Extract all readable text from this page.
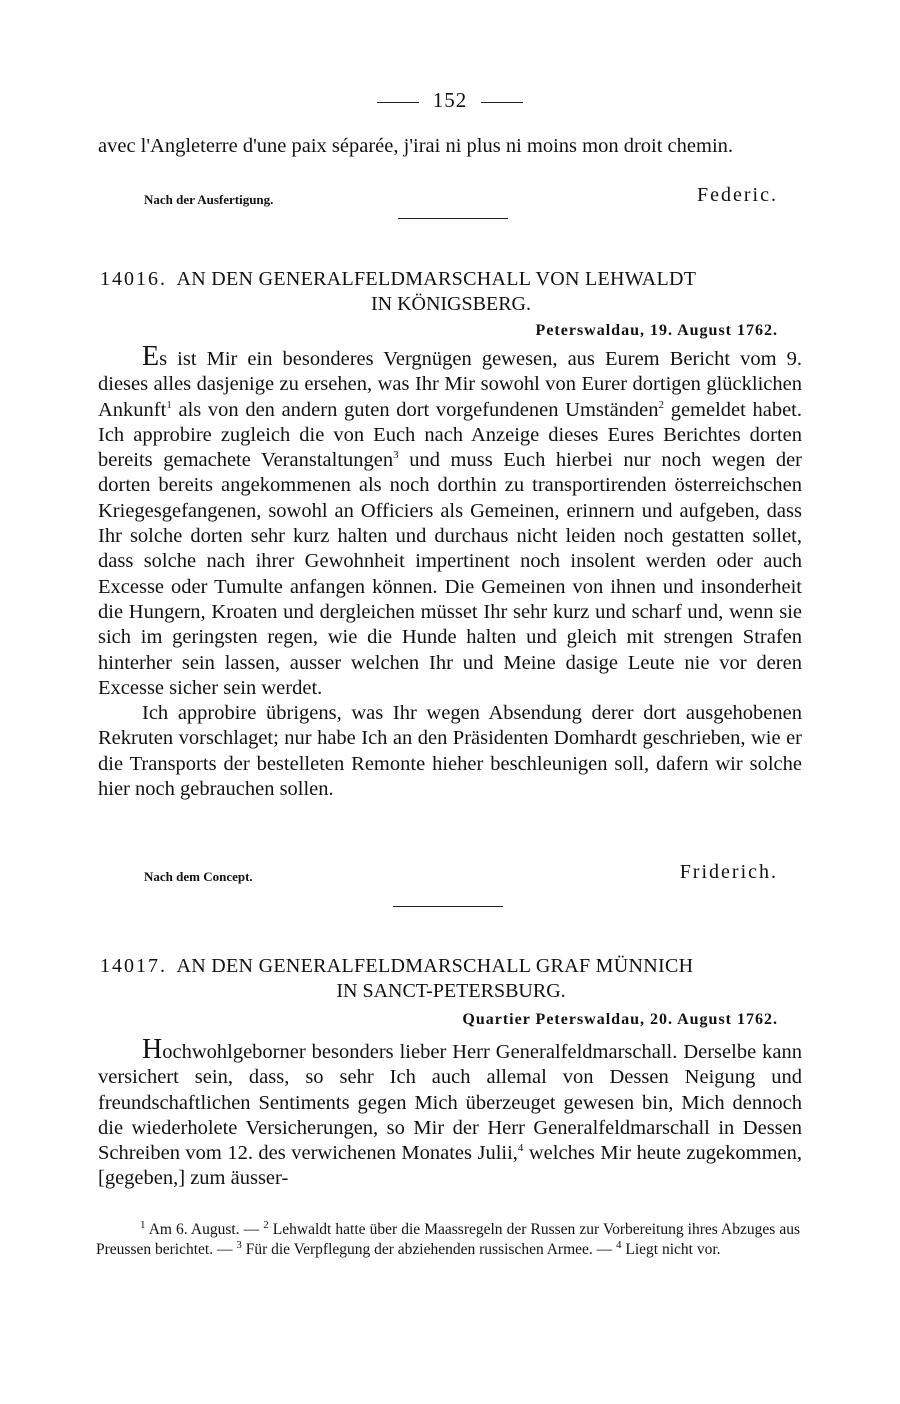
152

avec l'Angleterre d'une paix séparée, j'irai ni plus ni moins mon droit chemin.

Nach der Ausfertigung.	Federic.
14016. AN DEN GENERALFELDMARSCHALL VON LEHWALDT
IN KÖNIGSBERG.
Peterswaldau, 19. August 1762.

Es ist Mir ein besonderes Vergnügen gewesen, aus Eurem Bericht vom 9. dieses alles dasjenige zu ersehen, was Ihr Mir sowohl von Eurer dortigen glücklichen Ankunft$^1$ als von den andern guten dort vorgefundenen Umständen$^2$ gemeldet habet. Ich approbire zugleich die von Euch nach Anzeige dieses Eures Berichtes dorten bereits gemachete Veranstaltungen$^3$ und muss Euch hierbei nur noch wegen der dorten bereits angekommenen als noch dorthin zu transportirenden österreichschen Kriegesgefangenen, sowohl an Officiers als Gemeinen, erinnern und aufgeben, dass Ihr solche dorten sehr kurz halten und durchaus nicht leiden noch gestatten sollet, dass solche nach ihrer Gewohnheit impertinent noch insolent werden oder auch Excesse oder Tumulte anfangen können. Die Gemeinen von ihnen und insonderheit die Hungern, Kroaten und dergleichen müsset Ihr sehr kurz und scharf und, wenn sie sich im geringsten regen, wie die Hunde halten und gleich mit strengen Strafen hinterher sein lassen, ausser welchen Ihr und Meine dasige Leute nie vor deren Excesse sicher sein werdet.

Ich approbire übrigens, was Ihr wegen Absendung derer dort ausgehobenen Rekruten vorschlaget; nur habe Ich an den Präsidenten Domhardt geschrieben, wie er die Transports der bestelleten Remonte hieher beschleunigen soll, dafern wir solche hier noch gebrauchen sollen.

Nach dem Concept.	Friderich.
14017. AN DEN GENERALFELDMARSCHALL GRAF MÜNNICH
IN SANCT-PETERSBURG.
Quartier Peterswaldau, 20. August 1762.

Hochwohlgeborner besonders lieber Herr Generalfeldmarschall. Derselbe kann versichert sein, dass, so sehr Ich auch allemal von Dessen Neigung und freundschaftlichen Sentiments gegen Mich überzeuget gewesen bin, Mich dennoch die wiederholete Versicherungen, so Mir der Herr Generalfeldmarschall in Dessen Schreiben vom 12. des verwichenen Monates Julii,$^4$ welches Mir heute zugekommen, [gegeben,] zum äusser-

$^1$ Am 6. August. — $^2$ Lehwaldt hatte über die Maassregeln der Russen zur Vorbereitung ihres Abzuges aus Preussen berichtet. — $^3$ Für die Verpflegung der abziehenden russischen Armee. — $^4$ Liegt nicht vor.
